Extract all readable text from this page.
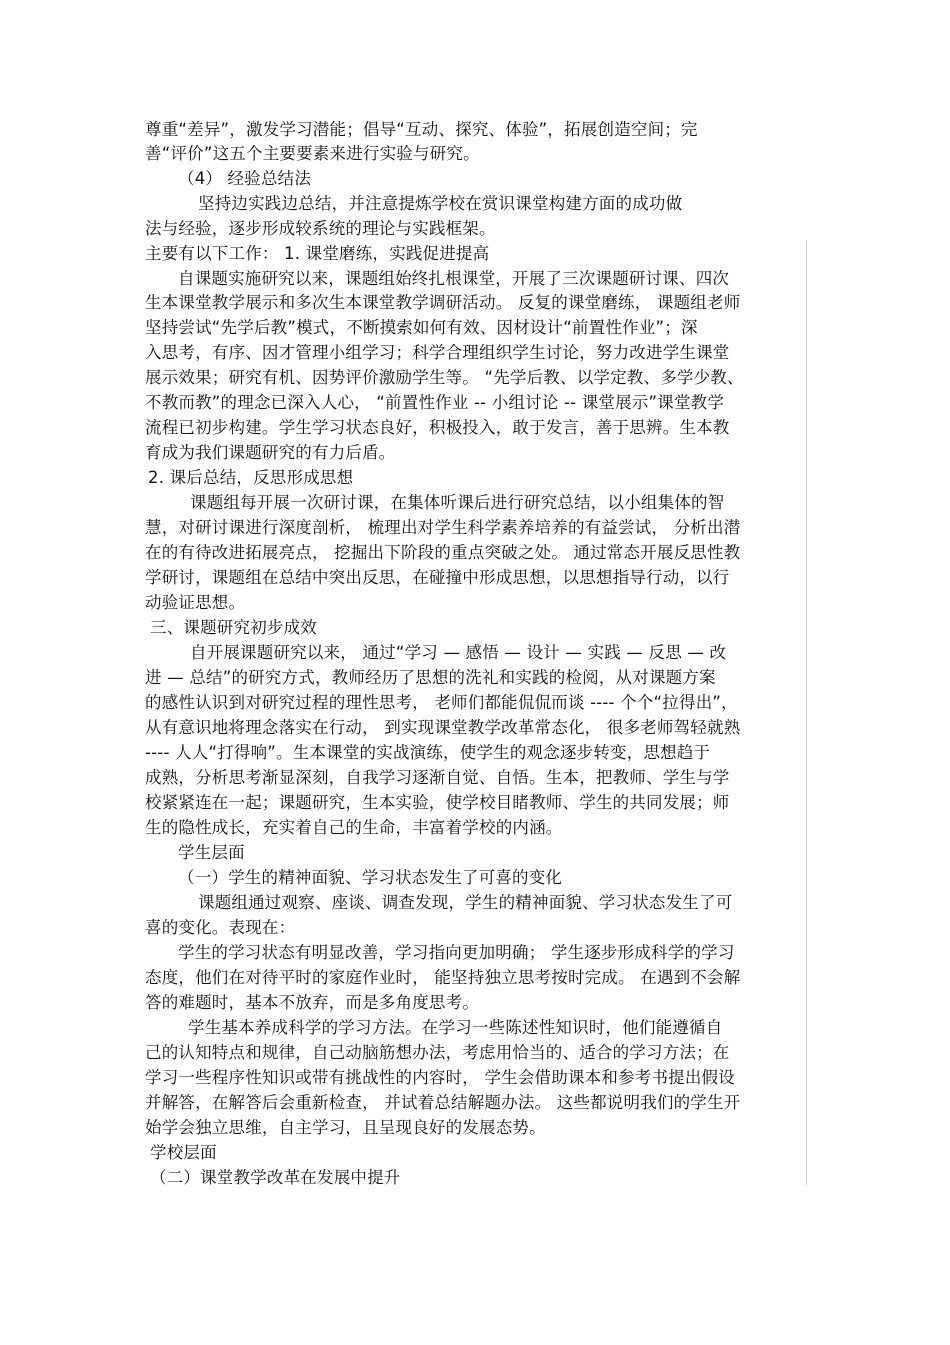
尊重“差异”，激发学习潜能；倡导“互动、探究、体验”，拓展创造空间；完
善“评价”这五个主要要素来进行实验与研究。
（4） 经验总结法
坚持边实践边总结，并注意提炼学校在赏识课堂构建方面的成功做
法与经验，逐步形成较系统的理论与实践框架。
主要有以下工作： 1. 课堂磨练，实践促进提高
自课题实施研究以来，课题组始终扎根课堂，开展了三次课题研讨课、四次
生本课堂教学展示和多次生本课堂教学调研活动。 反复的课堂磨练， 课题组老师
坚持尝试“先学后教”模式，不断摸索如何有效、因材设计“前置性作业”；深
入思考，有序、因才管理小组学习；科学合理组织学生讨论，努力改进学生课堂
展示效果；研究有机、因势评价激励学生等。 “先学后教、以学定教、多学少教、
不教而教”的理念已深入人心， “前置性作业 -- 小组讨论 -- 课堂展示”课堂教学
流程已初步构建。学生学习状态良好，积极投入，敢于发言，善于思辨。生本教
育成为我们课题研究的有力后盾。
2. 课后总结，反思形成思想
课题组每开展一次研讨课，在集体听课后进行研究总结，以小组集体的智
慧，对研讨课进行深度剖析， 梳理出对学生科学素养培养的有益尝试， 分析出潜
在的有待改进拓展亮点， 挖掘出下阶段的重点突破之处。 通过常态开展反思性教
学研讨，课题组在总结中突出反思，在碰撞中形成思想，以思想指导行动，以行
动验证思想。
三、课题研究初步成效
自开展课题研究以来， 通过“学习 — 感悟 — 设计 — 实践 — 反思 — 改
进 — 总结”的研究方式，教师经历了思想的洗礼和实践的检阅，从对课题方案
的感性认识到对研究过程的理性思考， 老师们都能侃侃而谈 ---- 个个“拉得出”，
从有意识地将理念落实在行动， 到实现课堂教学改革常态化， 很多老师驾轻就熟
---- 人人“打得响”。生本课堂的实战演练，使学生的观念逐步转变，思想趋于
成熟，分析思考渐显深刻，自我学习逐渐自觉、自悟。生本，把教师、学生与学
校紧紧连在一起；课题研究，生本实验，使学校目睹教师、学生的共同发展；师
生的隐性成长，充实着自己的生命，丰富着学校的内涵。
学生层面
（一）学生的精神面貌、学习状态发生了可喜的变化
课题组通过观察、座谈、调查发现，学生的精神面貌、学习状态发生了可
喜的变化。表现在：
学生的学习状态有明显改善，学习指向更加明确； 学生逐步形成科学的学习
态度，他们在对待平时的家庭作业时， 能坚持独立思考按时完成。 在遇到不会解
答的难题时，基本不放弃，而是多角度思考。
学生基本养成科学的学习方法。在学习一些陈述性知识时，他们能遵循自
己的认知特点和规律，自己动脑筋想办法，考虑用恰当的、适合的学习方法；在
学习一些程序性知识或带有挑战性的内容时， 学生会借助课本和参考书提出假设
并解答，在解答后会重新检查， 并试着总结解题办法。 这些都说明我们的学生开
始学会独立思维，自主学习，且呈现良好的发展态势。
学校层面
（二）课堂教学改革在发展中提升
